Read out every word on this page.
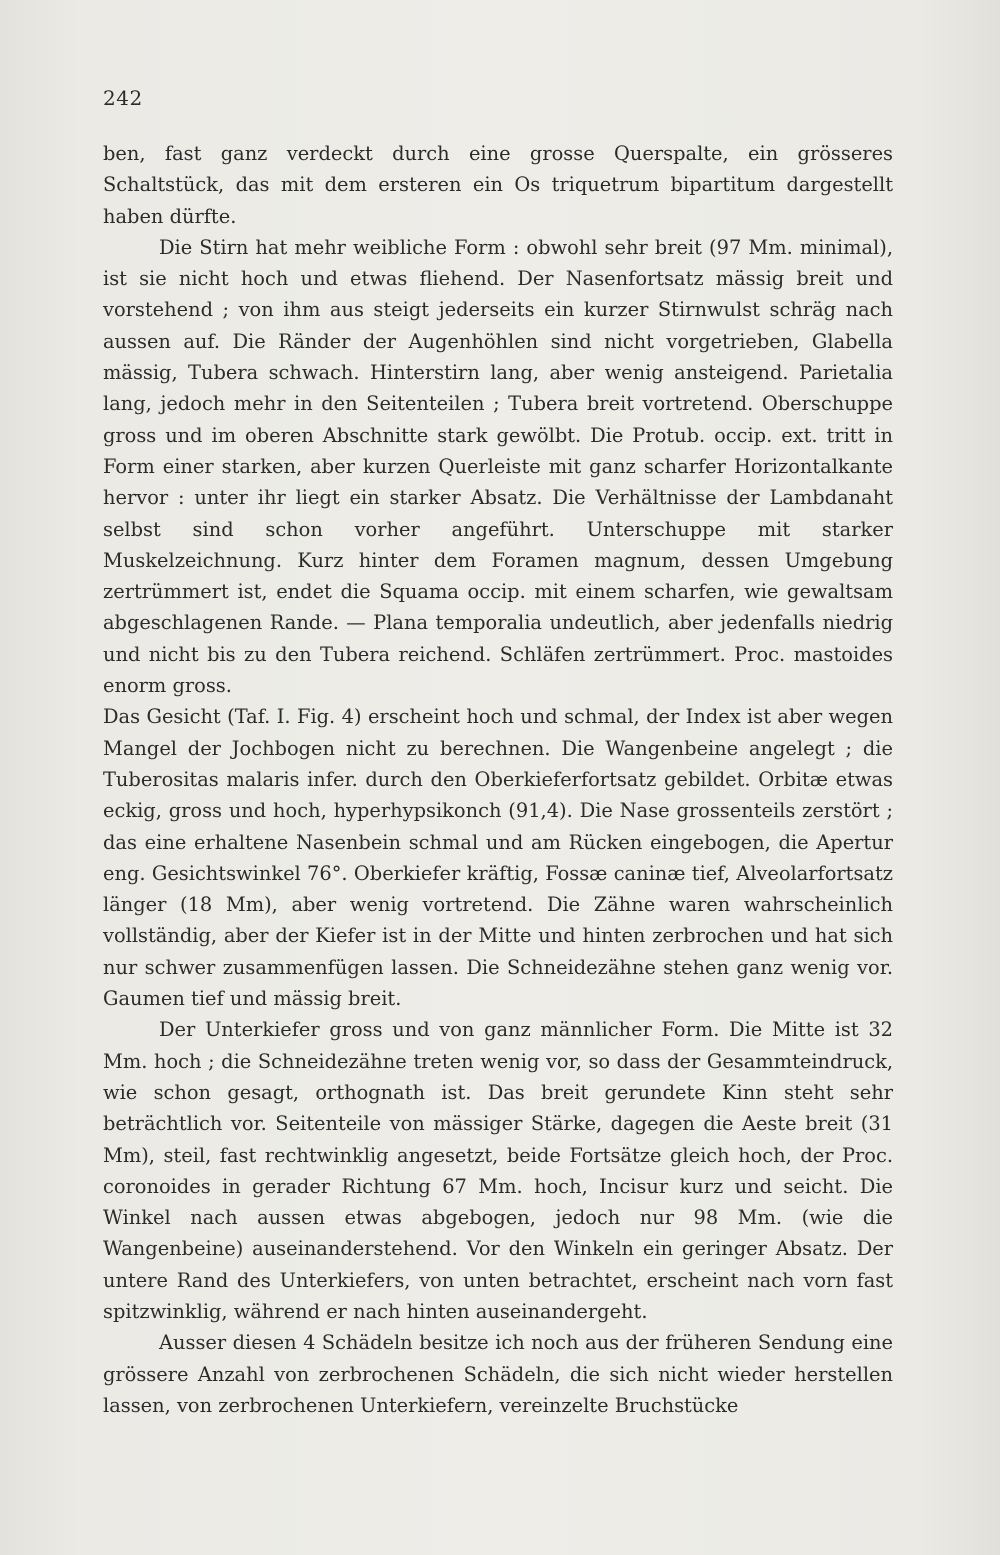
242

ben, fast ganz verdeckt durch eine grosse Querspalte, ein grösseres Schaltstück, das mit dem ersteren ein Os triquetrum bipartitum dargestellt haben dürfte.

Die Stirn hat mehr weibliche Form : obwohl sehr breit (97 Mm. minimal), ist sie nicht hoch und etwas fliehend. Der Nasenfortsatz mässig breit und vorstehend ; von ihm aus steigt jederseits ein kurzer Stirnwulst schräg nach aussen auf. Die Ränder der Augenhöhlen sind nicht vorgetrieben, Glabella mässig, Tubera schwach. Hinterstirn lang, aber wenig ansteigend. Parietalia lang, jedoch mehr in den Seitenteilen ; Tubera breit vortretend. Oberschuppe gross und im oberen Abschnitte stark gewölbt. Die Protub. occip. ext. tritt in Form einer starken, aber kurzen Querleiste mit ganz scharfer Horizontalkante hervor : unter ihr liegt ein starker Absatz. Die Verhältnisse der Lambdanaht selbst sind schon vorher angeführt. Unterschuppe mit starker Muskelzeichnung. Kurz hinter dem Foramen magnum, dessen Umgebung zertrümmert ist, endet die Squama occip. mit einem scharfen, wie gewaltsam abgeschlagenen Rande. — Plana temporalia undeutlich, aber jedenfalls niedrig und nicht bis zu den Tubera reichend. Schläfen zertrümmert. Proc. mastoides enorm gross.

Das Gesicht (Taf. I. Fig. 4) erscheint hoch und schmal, der Index ist aber wegen Mangel der Jochbogen nicht zu berechnen. Die Wangenbeine angelegt ; die Tuberositas malaris infer. durch den Oberkieferfortsatz gebildet. Orbitæ etwas eckig, gross und hoch, hyperhypsikonch (91,4). Die Nase grossenteils zerstört ; das eine erhaltene Nasenbein schmal und am Rücken eingebogen, die Apertur eng. Gesichtswinkel 76°. Oberkiefer kräftig, Fossæ caninæ tief, Alveolarfortsatz länger (18 Mm), aber wenig vortretend. Die Zähne waren wahrscheinlich vollständig, aber der Kiefer ist in der Mitte und hinten zerbrochen und hat sich nur schwer zusammenfügen lassen. Die Schneidezähne stehen ganz wenig vor. Gaumen tief und mässig breit.

Der Unterkiefer gross und von ganz männlicher Form. Die Mitte ist 32 Mm. hoch ; die Schneidezähne treten wenig vor, so dass der Gesammteindruck, wie schon gesagt, orthognath ist. Das breit gerundete Kinn steht sehr beträchtlich vor. Seitenteile von mässiger Stärke, dagegen die Aeste breit (31 Mm), steil, fast rechtwinklig angesetzt, beide Fortsätze gleich hoch, der Proc. coronoides in gerader Richtung 67 Mm. hoch, Incisur kurz und seicht. Die Winkel nach aussen etwas abgebogen, jedoch nur 98 Mm. (wie die Wangenbeine) auseinanderstehend. Vor den Winkeln ein geringer Absatz. Der untere Rand des Unterkiefers, von unten betrachtet, erscheint nach vorn fast spitzwinklig, während er nach hinten auseinandergeht.

Ausser diesen 4 Schädeln besitze ich noch aus der früheren Sendung eine grössere Anzahl von zerbrochenen Schädeln, die sich nicht wieder herstellen lassen, von zerbrochenen Unterkiefern, vereinzelte Bruchstücke
